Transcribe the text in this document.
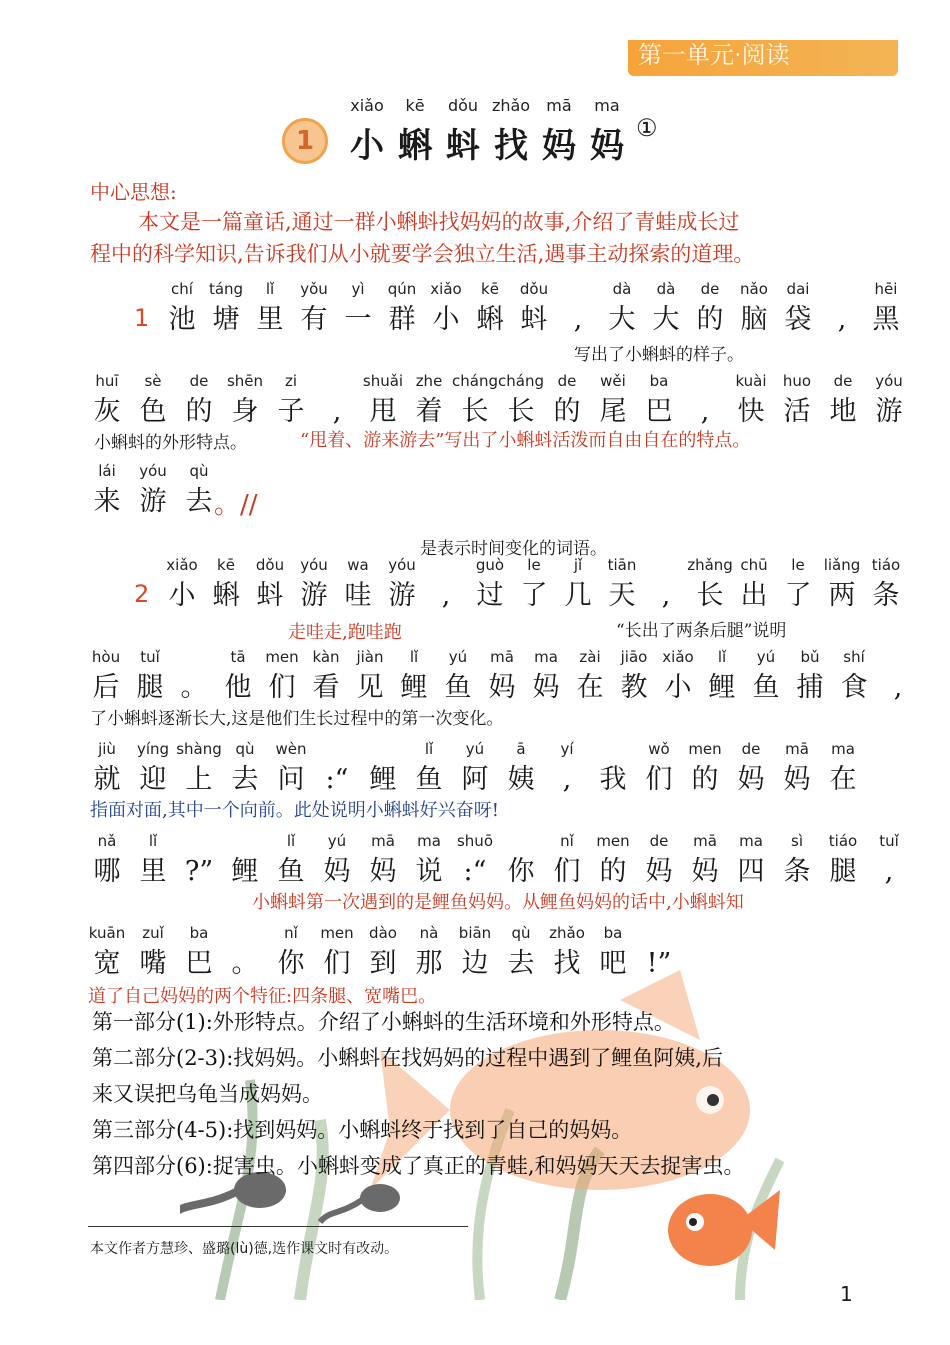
第一单元·阅读
1
xiǎo
小
kē
蝌
dǒu
蚪
zhǎo
找
mā
妈
ma
妈 ①
中心思想:
本文是一篇童话,通过一群小蝌蚪找妈妈的故事,介绍了青蛙成长过
程中的科学知识,告诉我们从小就要学会独立生活,遇事主动探索的道理。
1
chí
池
táng
塘
lǐ
里
yǒu
有
yì
一
qún
群
xiǎo
小
kē
蝌
dǒu
蚪 ,
dà
大
dà
大
de
的
nǎo
脑
dai
袋 ,
hēi
黑
写出了小蝌蚪的样子。
huī
灰
sè
色
de
的
shēn
身
zi
子 ,
shuǎi
甩
zhe
着
cháng
长
cháng
长
de
的
wěi
尾
ba
巴 ,
kuài
快
huo
活
de
地
yóu
游
小蝌蚪的外形特点。	“甩着、游来游去”写出了小蝌蚪活泼而自由自在的特点。
lái
来
yóu
游
qù
去 。//
是表示时间变化的词语。
2
xiǎo
小
kē
蝌
dǒu
蚪
yóu
游
wa
哇
yóu
游 ,
guò
过
le
了
jǐ
几
tiān
天 ,
zhǎng
长
chū
出
le
了
liǎng
两
tiáo
条
走哇走,跑哇跑	“长出了两条后腿”说明
hòu
后
tuǐ
腿 。
tā
他
men
们
kàn
看
jiàn
见
lǐ
鲤
yú
鱼
mā
妈
ma
妈
zài
在
jiāo
教
xiǎo
小
lǐ
鲤
yú
鱼
bǔ
捕
shí
食 ,
了小蝌蚪逐渐长大,这是他们生长过程中的第一次变化。
jiù
就
yíng
迎
shàng
上
qù
去
wèn
问 :“ 鲤
lǐ
鱼
yú
阿
ā
姨
yí
, 我
wǒ
们
men
的
de
妈
mā
妈
ma
在
指面对面,其中一个向前。此处说明小蝌蚪好兴奋呀!
nǎ
哪
lǐ
里 ?” 鲤
lǐ
鱼
yú
妈
mā
妈
ma
说
shuō
:“ 你
nǐ
们
men
的
de
妈
mā
妈
ma
四
sì
条
tiáo
腿
tuǐ
,
小蝌蚪第一次遇到的是鲤鱼妈妈。从鲤鱼妈妈的话中,小蝌蚪知
kuān
宽
zuǐ
嘴
ba
巴 。
nǐ
你
men
们
dào
到
nà
那
biān
边
qù
去
zhǎo
找
ba
吧 !”
道了自己妈妈的两个特征:四条腿、宽嘴巴。
第一部分(1):外形特点。介绍了小蝌蚪的生活环境和外形特点。
第二部分(2-3):找妈妈。小蝌蚪在找妈妈的过程中遇到了鲤鱼阿姨,后
来又误把乌龟当成妈妈。
第三部分(4-5):找到妈妈。小蝌蚪终于找到了自己的妈妈。
第四部分(6):捉害虫。小蝌蚪变成了真正的青蛙,和妈妈天天去捉害虫。
本文作者方慧珍、盛璐(lù)德,选作课文时有改动。
1
